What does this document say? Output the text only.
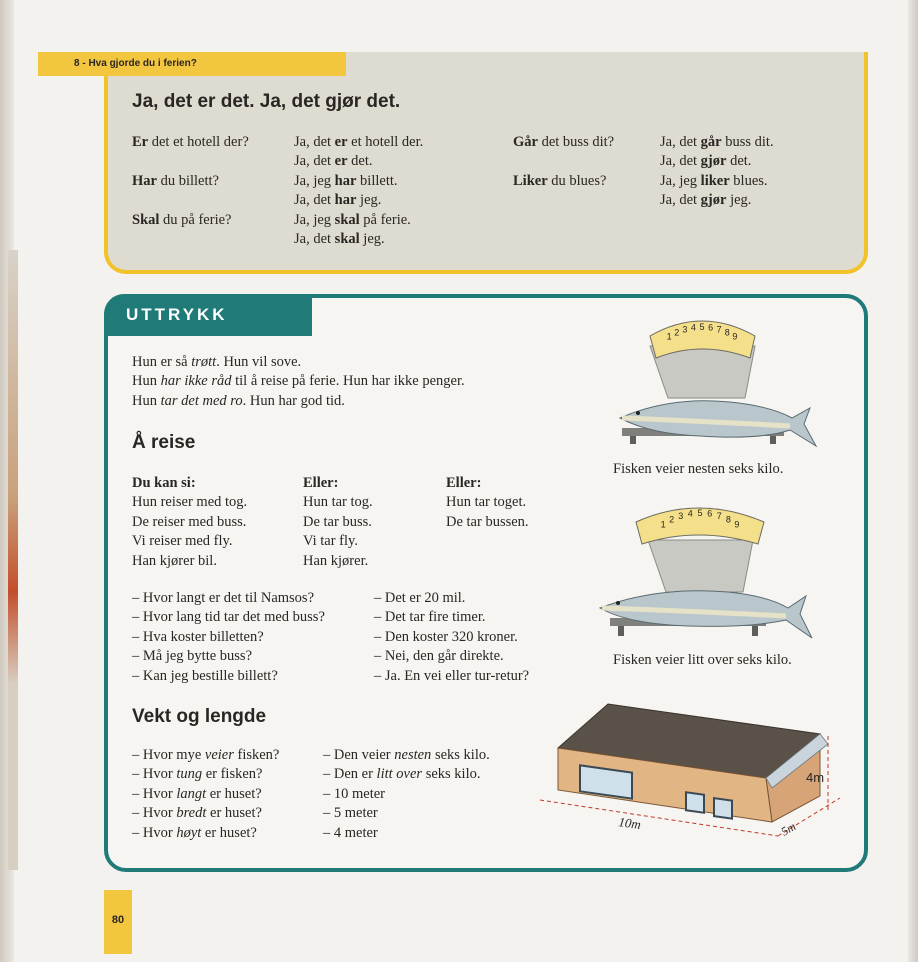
8 - Hva gjorde du i ferien?
Ja, det er det. Ja, det gjør det.
Er det et hotell der?
Har du billett?
Skal du på ferie?
Ja, det er et hotell der.
Ja, det er det.
Ja, jeg har billett.
Ja, det har jeg.
Ja, jeg skal på ferie.
Ja, det skal jeg.
Går det buss dit?
Liker du blues?
Ja, det går buss dit.
Ja, det gjør det.
Ja, jeg liker blues.
Ja, det gjør jeg.
UTTRYKK
Hun er så trøtt. Hun vil sove.
Hun har ikke råd til å reise på ferie. Hun har ikke penger.
Hun tar det med ro. Hun har god tid.
Å reise
Du kan si:
Hun reiser med tog.
De reiser med buss.
Vi reiser med fly.
Han kjører bil.
Eller:
Hun tar tog.
De tar buss.
Vi tar fly.
Han kjører.
Eller:
Hun tar toget.
De tar bussen.
– Hvor langt er det til Namsos?
– Hvor lang tid tar det med buss?
– Hva koster billetten?
– Må jeg bytte buss?
– Kan jeg bestille billett?
– Det er 20 mil.
– Det tar fire timer.
– Den koster 320 kroner.
– Nei, den går direkte.
– Ja. En vei eller tur-retur?
Vekt og lengde
– Hvor mye veier fisken?
– Hvor tung er fisken?
– Hvor langt er huset?
– Hvor bredt er huset?
– Hvor høyt er huset?
– Den veier nesten seks kilo.
– Den er litt over seks kilo.
– 10 meter
– 5 meter
– 4 meter
1 2 3 4 5 6 7 8 9
Fisken veier nesten seks kilo.
1 2 3 4 5 6 7 8 9
Fisken veier litt over seks kilo.
4m
10m	5m
80
